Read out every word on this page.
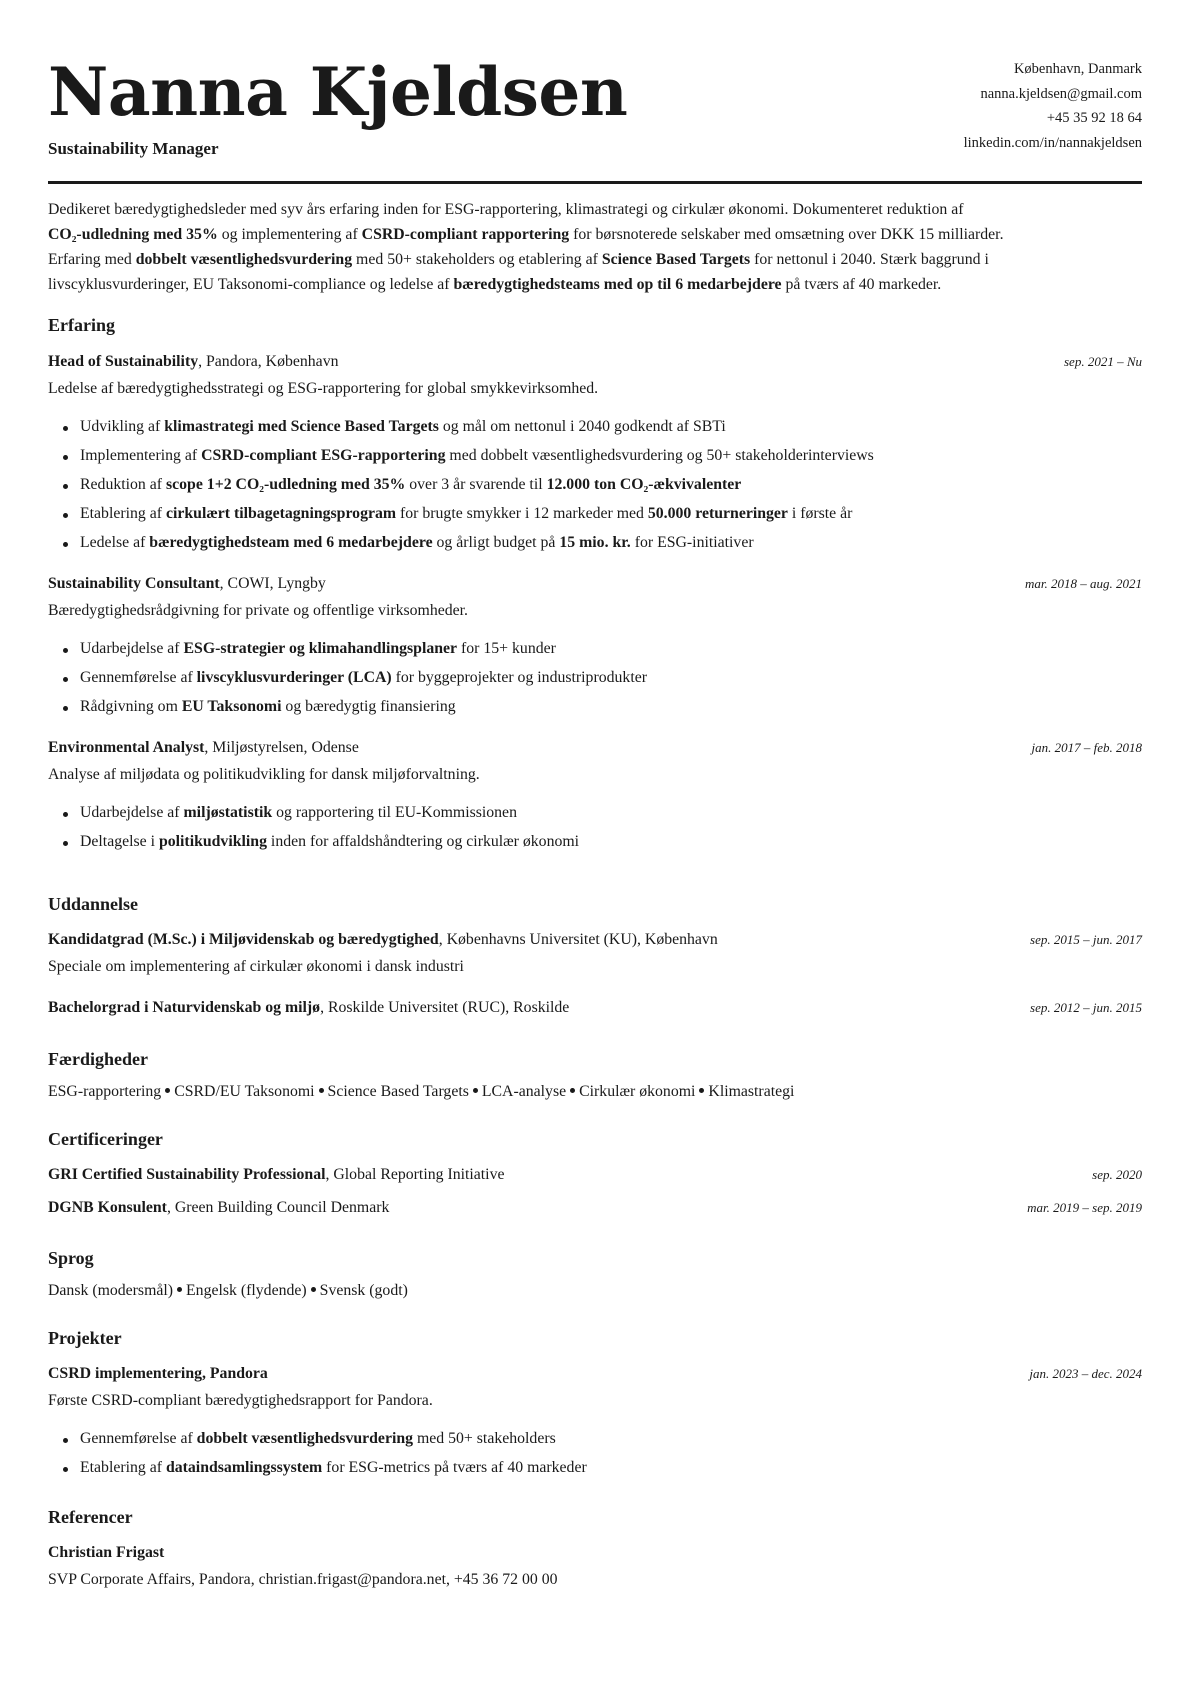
Nanna Kjeldsen
Sustainability Manager
København, Danmark
nanna.kjeldsen@gmail.com
+45 35 92 18 64
linkedin.com/in/nannakjeldsen
Dedikeret bæredygtighedsleder med syv års erfaring inden for ESG-rapportering, klimastrategi og cirkulær økonomi. Dokumenteret reduktion af
CO₂-udledning med 35% og implementering af CSRD-compliant rapportering for børsnoterede selskaber med omsætning over DKK 15 milliarder.
Erfaring med dobbelt væsentlighedsvurdering med 50+ stakeholders og etablering af Science Based Targets for nettonul i 2040. Stærk baggrund i
livscyklusvurderinger, EU Taksonomi-compliance og ledelse af bæredygtighedsteams med op til 6 medarbejdere på tværs af 40 markeder.
Erfaring
Head of Sustainability, Pandora, København	sep. 2021 – Nu
Ledelse af bæredygtighedsstrategi og ESG-rapportering for global smykkevirksomhed.
Udvikling af klimastrategi med Science Based Targets og mål om nettonul i 2040 godkendt af SBTi
Implementering af CSRD-compliant ESG-rapportering med dobbelt væsentlighedsvurdering og 50+ stakeholderinterviews
Reduktion af scope 1+2 CO₂-udledning med 35% over 3 år svarende til 12.000 ton CO₂-ækvivalenter
Etablering af cirkulært tilbagetagningsprogram for brugte smykker i 12 markeder med 50.000 returneringer i første år
Ledelse af bæredygtighedsteam med 6 medarbejdere og årligt budget på 15 mio. kr. for ESG-initiativer
Sustainability Consultant, COWI, Lyngby	mar. 2018 – aug. 2021
Bæredygtighedsrådgivning for private og offentlige virksomheder.
Udarbejdelse af ESG-strategier og klimahandlingsplaner for 15+ kunder
Gennemførelse af livscyklusvurderinger (LCA) for byggeprojekter og industriprodukter
Rådgivning om EU Taksonomi og bæredygtig finansiering
Environmental Analyst, Miljøstyrelsen, Odense	jan. 2017 – feb. 2018
Analyse af miljødata og politikudvikling for dansk miljøforvaltning.
Udarbejdelse af miljøstatistik og rapportering til EU-Kommissionen
Deltagelse i politikudvikling inden for affaldshåndtering og cirkulær økonomi
Uddannelse
Kandidatgrad (M.Sc.) i Miljøvidenskab og bæredygtighed, Københavns Universitet (KU), København	sep. 2015 – jun. 2017
Speciale om implementering af cirkulær økonomi i dansk industri
Bachelorgrad i Naturvidenskab og miljø, Roskilde Universitet (RUC), Roskilde	sep. 2012 – jun. 2015
Færdigheder
ESG-rapportering CSRD/EU Taksonomi Science Based Targets LCA-analyse Cirkulær økonomi Klimastrategi
Certificeringer
GRI Certified Sustainability Professional, Global Reporting Initiative	sep. 2020
DGNB Konsulent, Green Building Council Denmark	mar. 2019 – sep. 2019
Sprog
Dansk (modersmål) Engelsk (flydende) Svensk (godt)
Projekter
CSRD implementering, Pandora	jan. 2023 – dec. 2024
Første CSRD-compliant bæredygtighedsrapport for Pandora.
Gennemførelse af dobbelt væsentlighedsvurdering med 50+ stakeholders
Etablering af dataindsamlingssystem for ESG-metrics på tværs af 40 markeder
Referencer
Christian Frigast
SVP Corporate Affairs, Pandora, christian.frigast@pandora.net, +45 36 72 00 00
